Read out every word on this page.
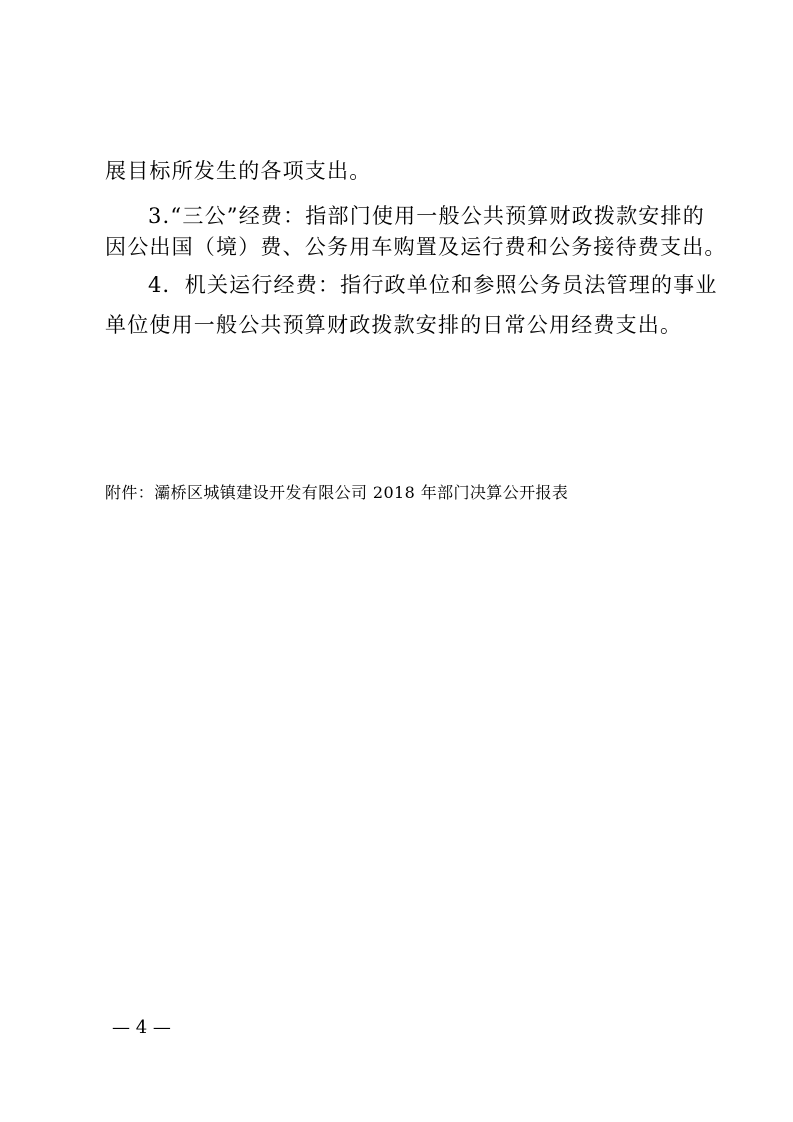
展目标所发生的各项支出。
3.“三公”经费：指部门使用一般公共预算财政拨款安排的
因公出国（境）费、公务用车购置及运行费和公务接待费支出。
4．机关运行经费：指行政单位和参照公务员法管理的事业
单位使用一般公共预算财政拨款安排的日常公用经费支出。
附件：灞桥区城镇建设开发有限公司 2018 年部门决算公开报表
— 4 —
